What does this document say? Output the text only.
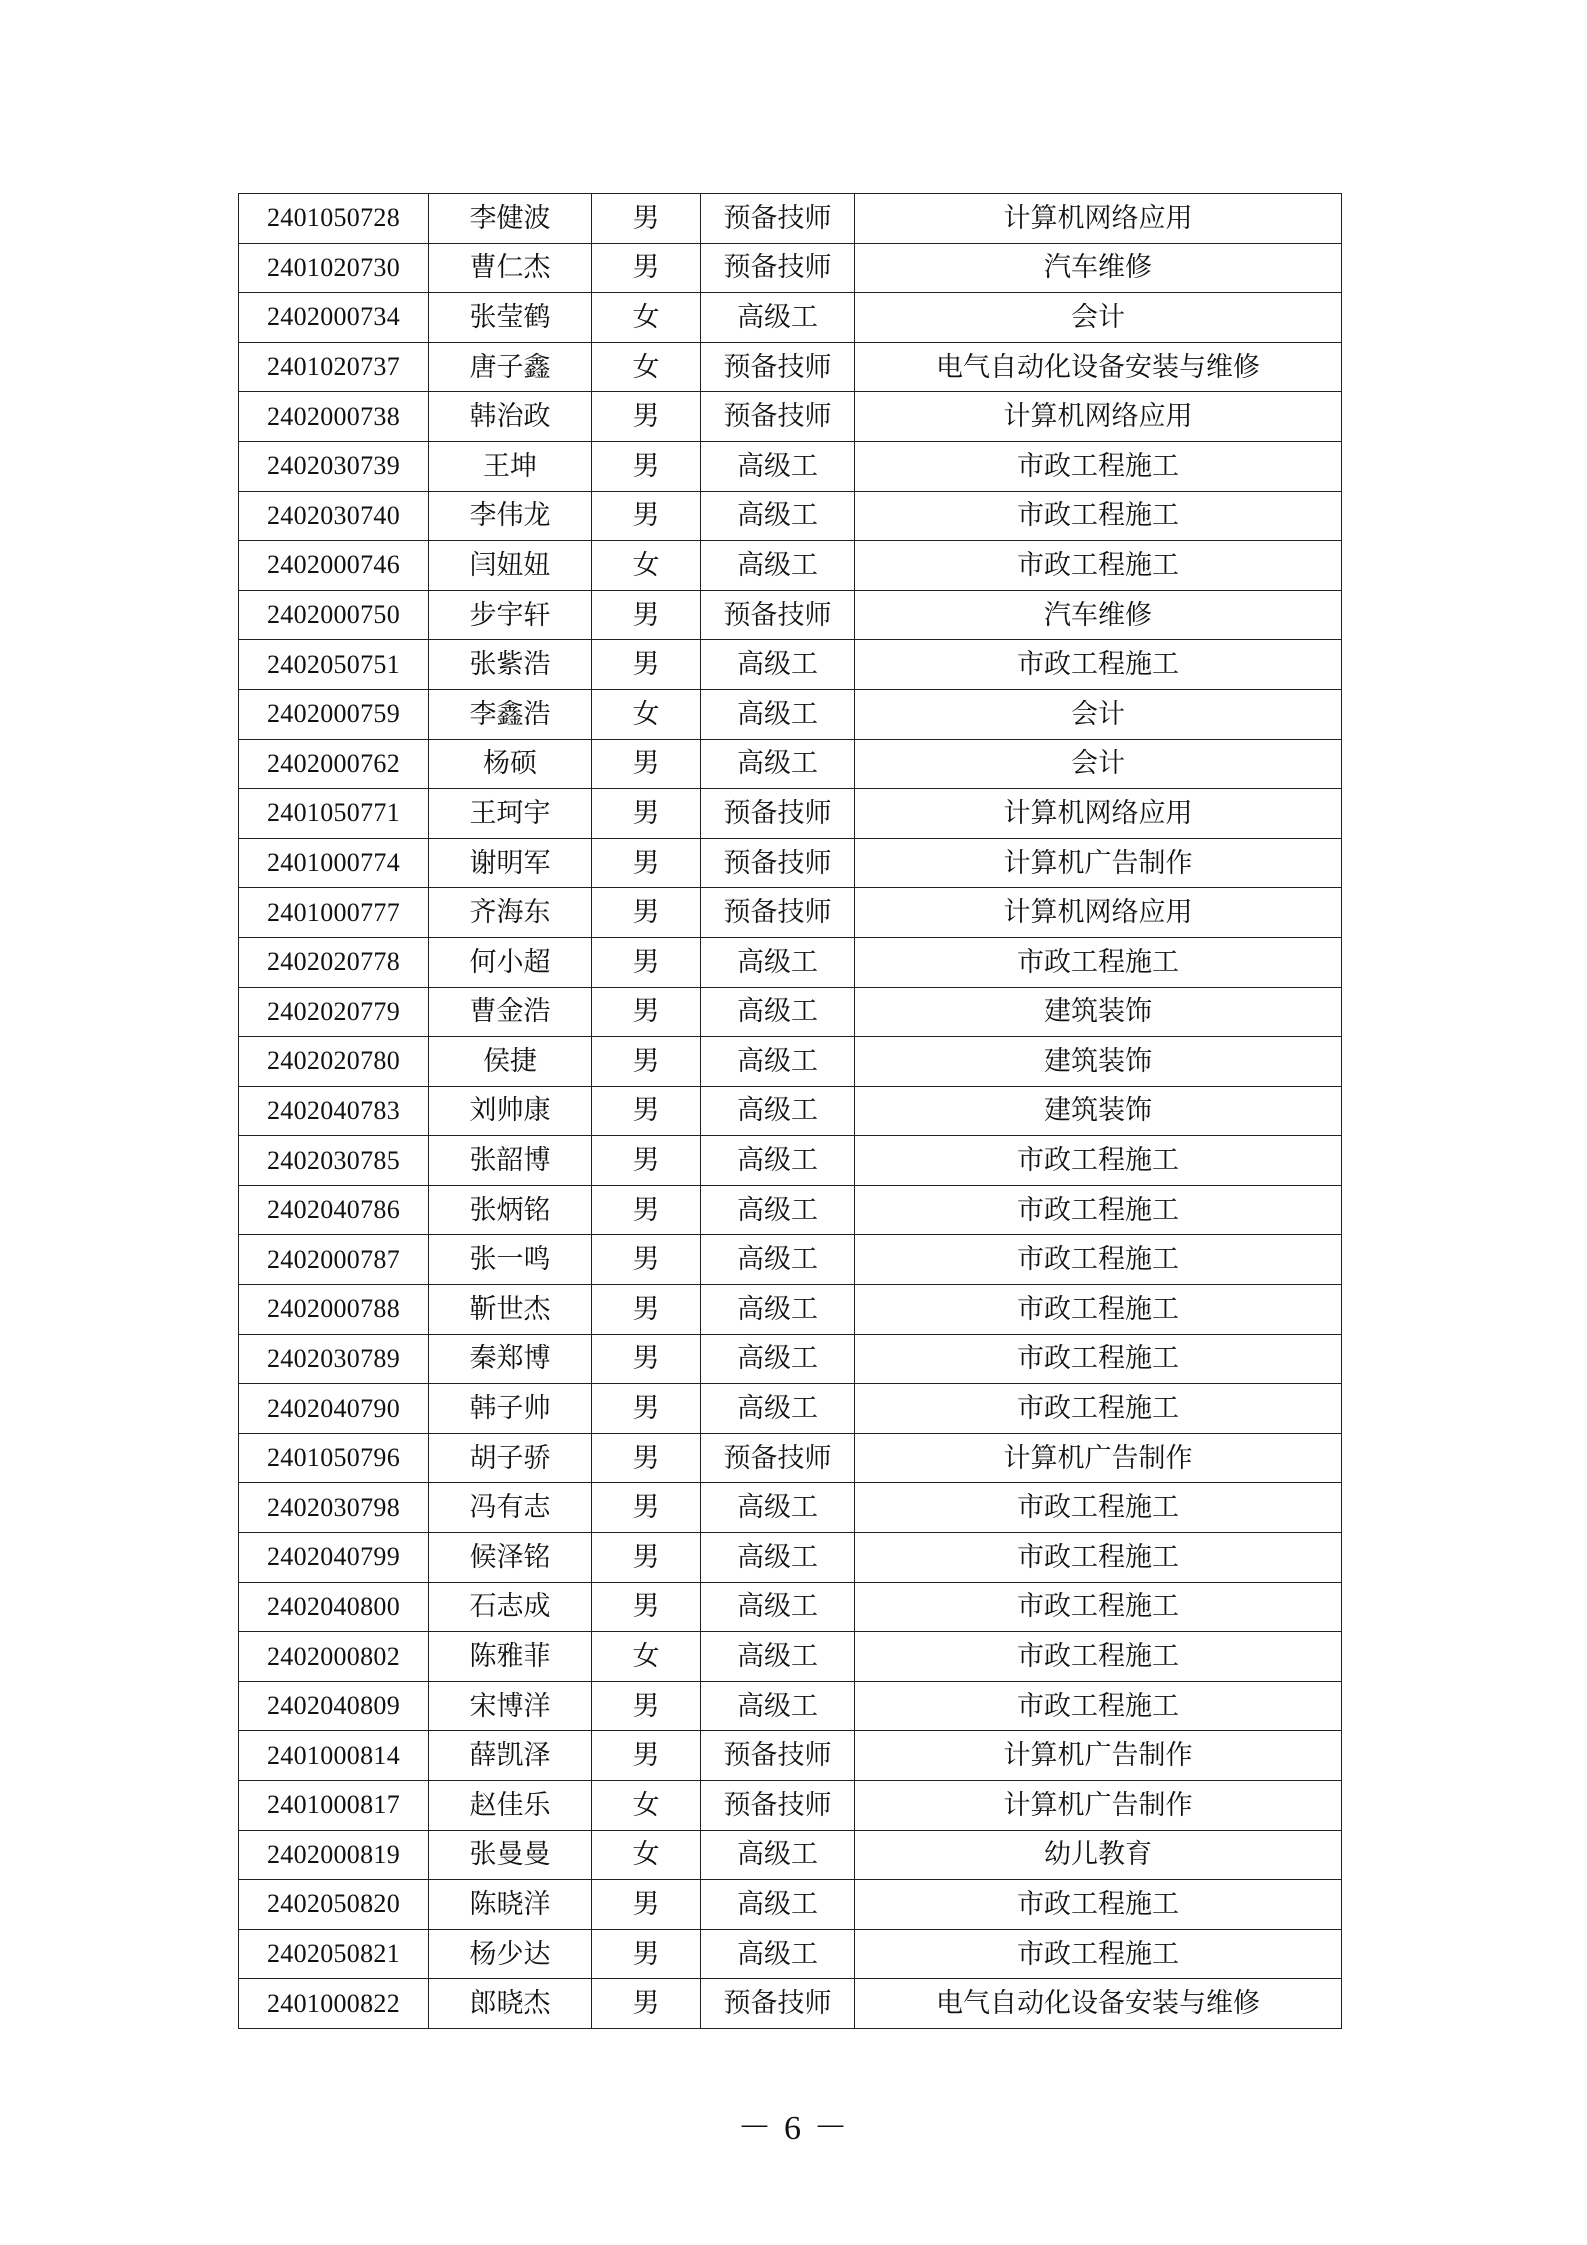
2401050728	李健波	男	预备技师	计算机网络应用
2401020730	曹仁杰	男	预备技师	汽车维修
2402000734	张莹鹤	女	高级工	会计
2401020737	唐子鑫	女	预备技师	电气自动化设备安装与维修
2402000738	韩治政	男	预备技师	计算机网络应用
2402030739	王坤	男	高级工	市政工程施工
2402030740	李伟龙	男	高级工	市政工程施工
2402000746	闫妞妞	女	高级工	市政工程施工
2402000750	步宇轩	男	预备技师	汽车维修
2402050751	张紫浩	男	高级工	市政工程施工
2402000759	李鑫浩	女	高级工	会计
2402000762	杨硕	男	高级工	会计
2401050771	王珂宇	男	预备技师	计算机网络应用
2401000774	谢明军	男	预备技师	计算机广告制作
2401000777	齐海东	男	预备技师	计算机网络应用
2402020778	何小超	男	高级工	市政工程施工
2402020779	曹金浩	男	高级工	建筑装饰
2402020780	侯捷	男	高级工	建筑装饰
2402040783	刘帅康	男	高级工	建筑装饰
2402030785	张韶博	男	高级工	市政工程施工
2402040786	张炳铭	男	高级工	市政工程施工
2402000787	张一鸣	男	高级工	市政工程施工
2402000788	靳世杰	男	高级工	市政工程施工
2402030789	秦郑博	男	高级工	市政工程施工
2402040790	韩子帅	男	高级工	市政工程施工
2401050796	胡子骄	男	预备技师	计算机广告制作
2402030798	冯有志	男	高级工	市政工程施工
2402040799	候泽铭	男	高级工	市政工程施工
2402040800	石志成	男	高级工	市政工程施工
2402000802	陈雅菲	女	高级工	市政工程施工
2402040809	宋博洋	男	高级工	市政工程施工
2401000814	薛凯泽	男	预备技师	计算机广告制作
2401000817	赵佳乐	女	预备技师	计算机广告制作
2402000819	张曼曼	女	高级工	幼儿教育
2402050820	陈晓洋	男	高级工	市政工程施工
2402050821	杨少达	男	高级工	市政工程施工
2401000822	郎晓杰	男	预备技师	电气自动化设备安装与维修
－ 6 －
